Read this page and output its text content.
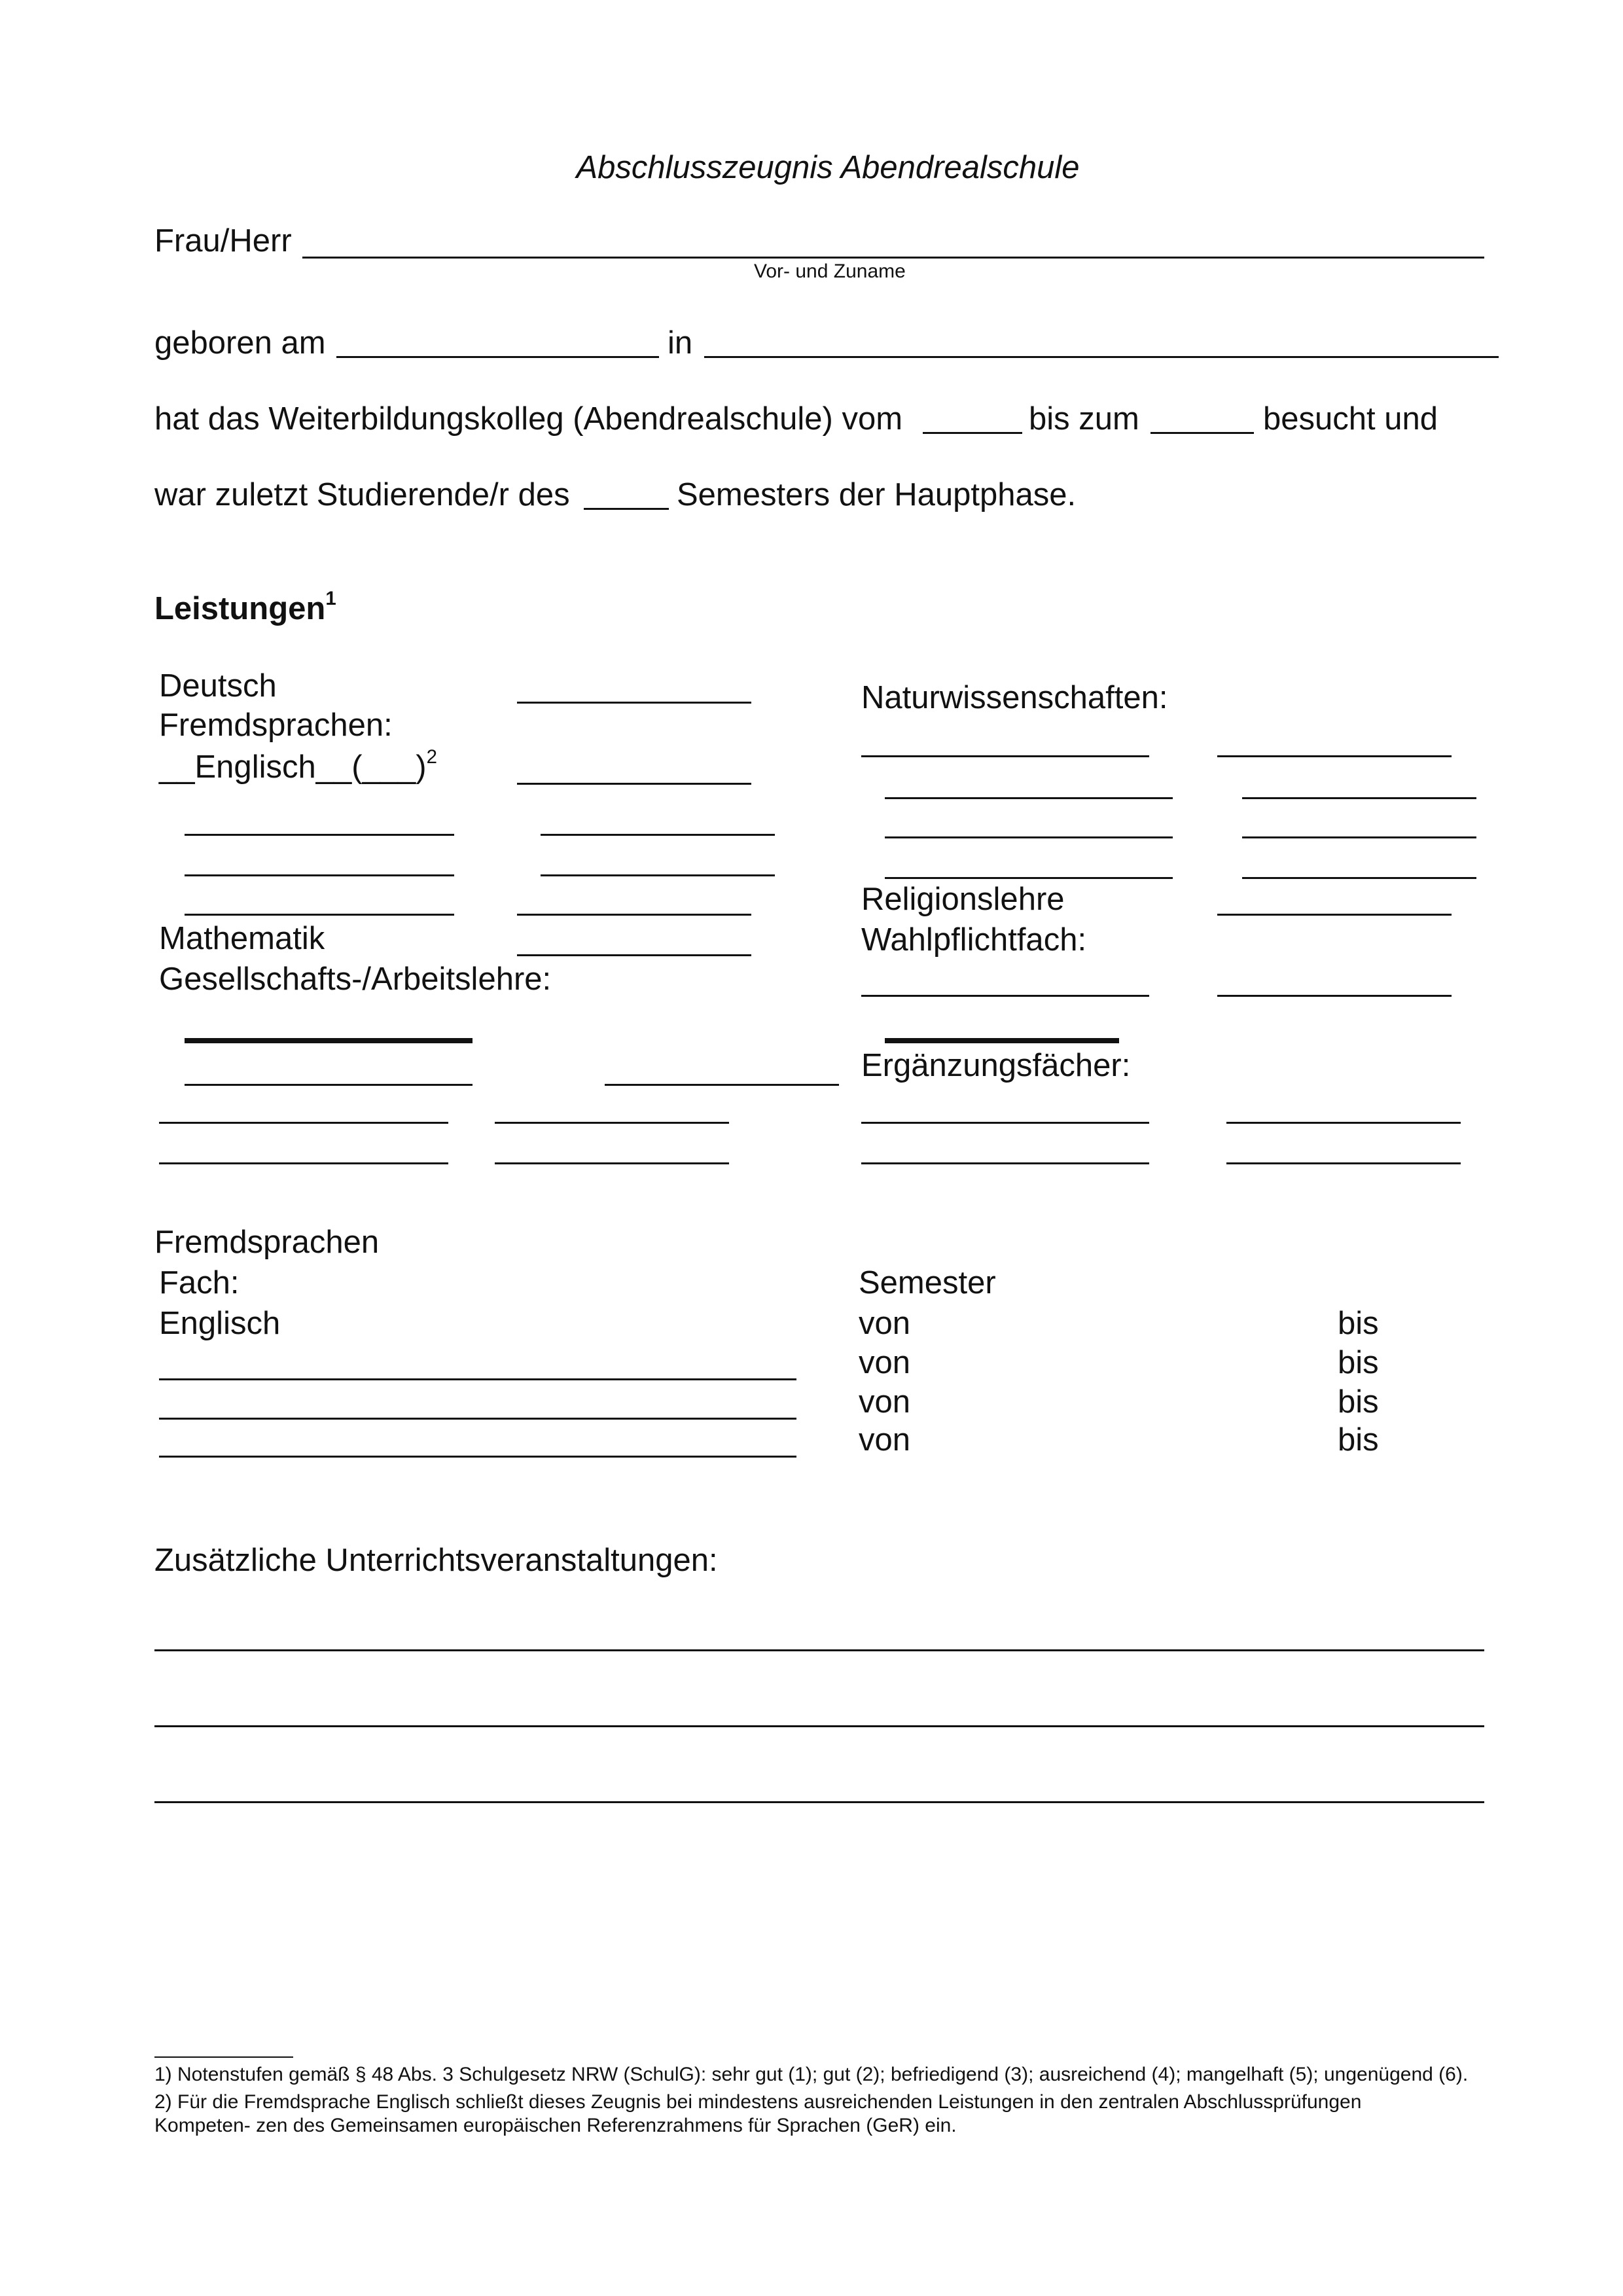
Abschlusszeugnis Abendrealschule
Frau/Herr
Vor- und Zuname
geboren am	in
hat das Weiterbildungskolleg (Abendrealschule) vom	bis zum	besucht und
war zuletzt Studierende/r des	Semesters der Hauptphase.
Leistungen$^1$
Deutsch
Fremdsprachen:
__Englisch__(___)$^2$
Mathematik
Gesellschafts-/Arbeitslehre:
Naturwissenschaften:
Religionslehre
Wahlpflichtfach:
Ergänzungsfächer:
Fremdsprachen
Fach:	Semester
Englisch	von	bis
von	bis
von	bis
von	bis
Zusätzliche Unterrichtsveranstaltungen:
1) Notenstufen gemäß § 48 Abs. 3 Schulgesetz NRW (SchulG): sehr gut (1); gut (2); befriedigend (3); ausreichend (4); mangelhaft (5); ungenügend (6).
2) Für die Fremdsprache Englisch schließt dieses Zeugnis bei mindestens ausreichenden Leistungen in den zentralen Abschlussprüfungen
Kompeten- zen des Gemeinsamen europäischen Referenzrahmens für Sprachen (GeR) ein.
